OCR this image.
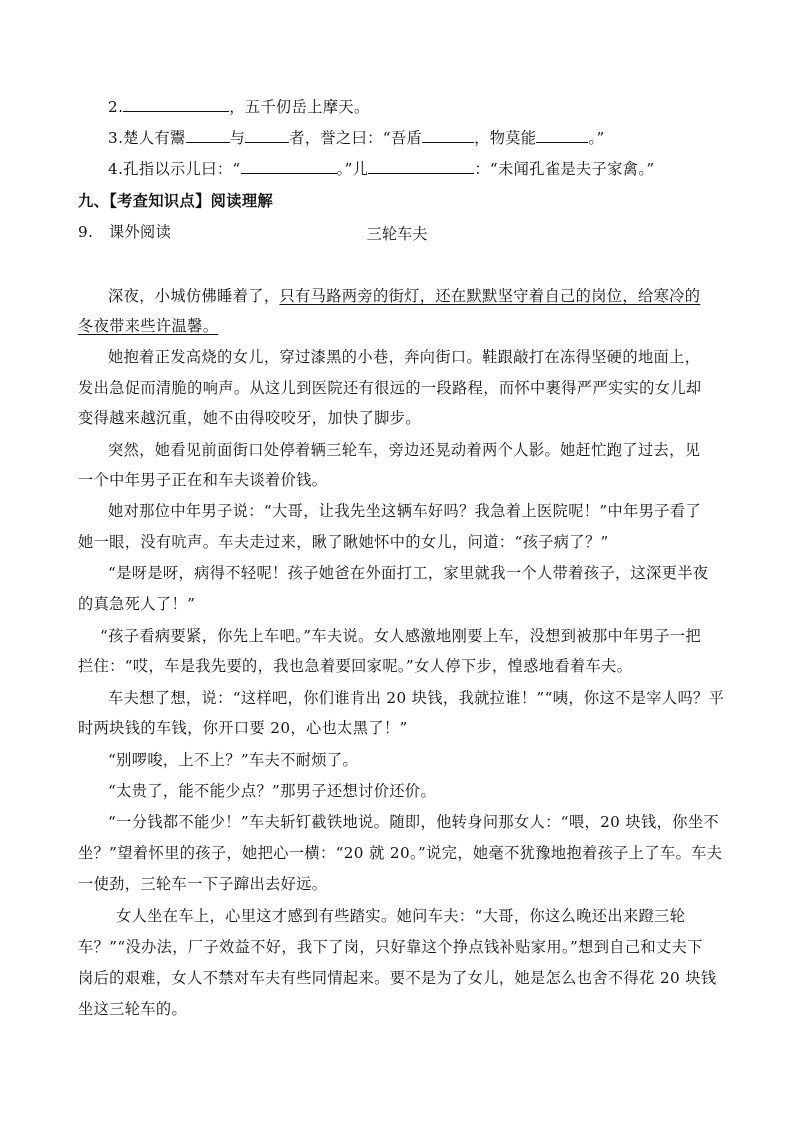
2.	，五千仞岳上摩天。
3.楚人有鬻	与	者，誉之曰：“吾盾	，物莫能	。”
4.孔指以示儿曰：“	。”儿	：“未闻孔雀是夫子家禽。”
九、【考查知识点】阅读理解
9.　课外阅读	三轮车夫
深夜，小城仿佛睡着了，只有马路两旁的街灯，还在默默坚守着自己的岗位，给寒冷的
冬夜带来些许温馨。
她抱着正发高烧的女儿，穿过漆黑的小巷，奔向街口。鞋跟敲打在冻得坚硬的地面上，
发出急促而清脆的响声。从这儿到医院还有很远的一段路程，而怀中裹得严严实实的女儿却
变得越来越沉重，她不由得咬咬牙，加快了脚步。
突然，她看见前面街口处停着辆三轮车，旁边还晃动着两个人影。她赶忙跑了过去，见
一个中年男子正在和车夫谈着价钱。
她对那位中年男子说：“大哥，让我先坐这辆车好吗？我急着上医院呢！”中年男子看了
她一眼，没有吭声。车夫走过来，瞅了瞅她怀中的女儿，问道：“孩子病了？”
“是呀是呀，病得不轻呢！孩子她爸在外面打工，家里就我一个人带着孩子，这深更半夜
的真急死人了！”
“孩子看病要紧，你先上车吧。”车夫说。女人感激地刚要上车，没想到被那中年男子一把
拦住：“哎，车是我先要的，我也急着要回家呢。”女人停下步，惶惑地看着车夫。
车夫想了想，说：“这样吧，你们谁肯出 20 块钱，我就拉谁！”“咦，你这不是宰人吗？平
时两块钱的车钱，你开口要 20，心也太黑了！”
“别啰唆，上不上？”车夫不耐烦了。
“太贵了，能不能少点？”那男子还想讨价还价。
“一分钱都不能少！”车夫斩钉截铁地说。随即，他转身问那女人：“喂，20 块钱，你坐不
坐？”望着怀里的孩子，她把心一横：“20 就 20。”说完，她毫不犹豫地抱着孩子上了车。车夫
一使劲，三轮车一下子蹿出去好远。
女人坐在车上，心里这才感到有些踏实。她问车夫：“大哥，你这么晚还出来蹬三轮
车？”“没办法，厂子效益不好，我下了岗，只好靠这个挣点钱补贴家用。”想到自己和丈夫下
岗后的艰难，女人不禁对车夫有些同情起来。要不是为了女儿，她是怎么也舍不得花 20 块钱
坐这三轮车的。
